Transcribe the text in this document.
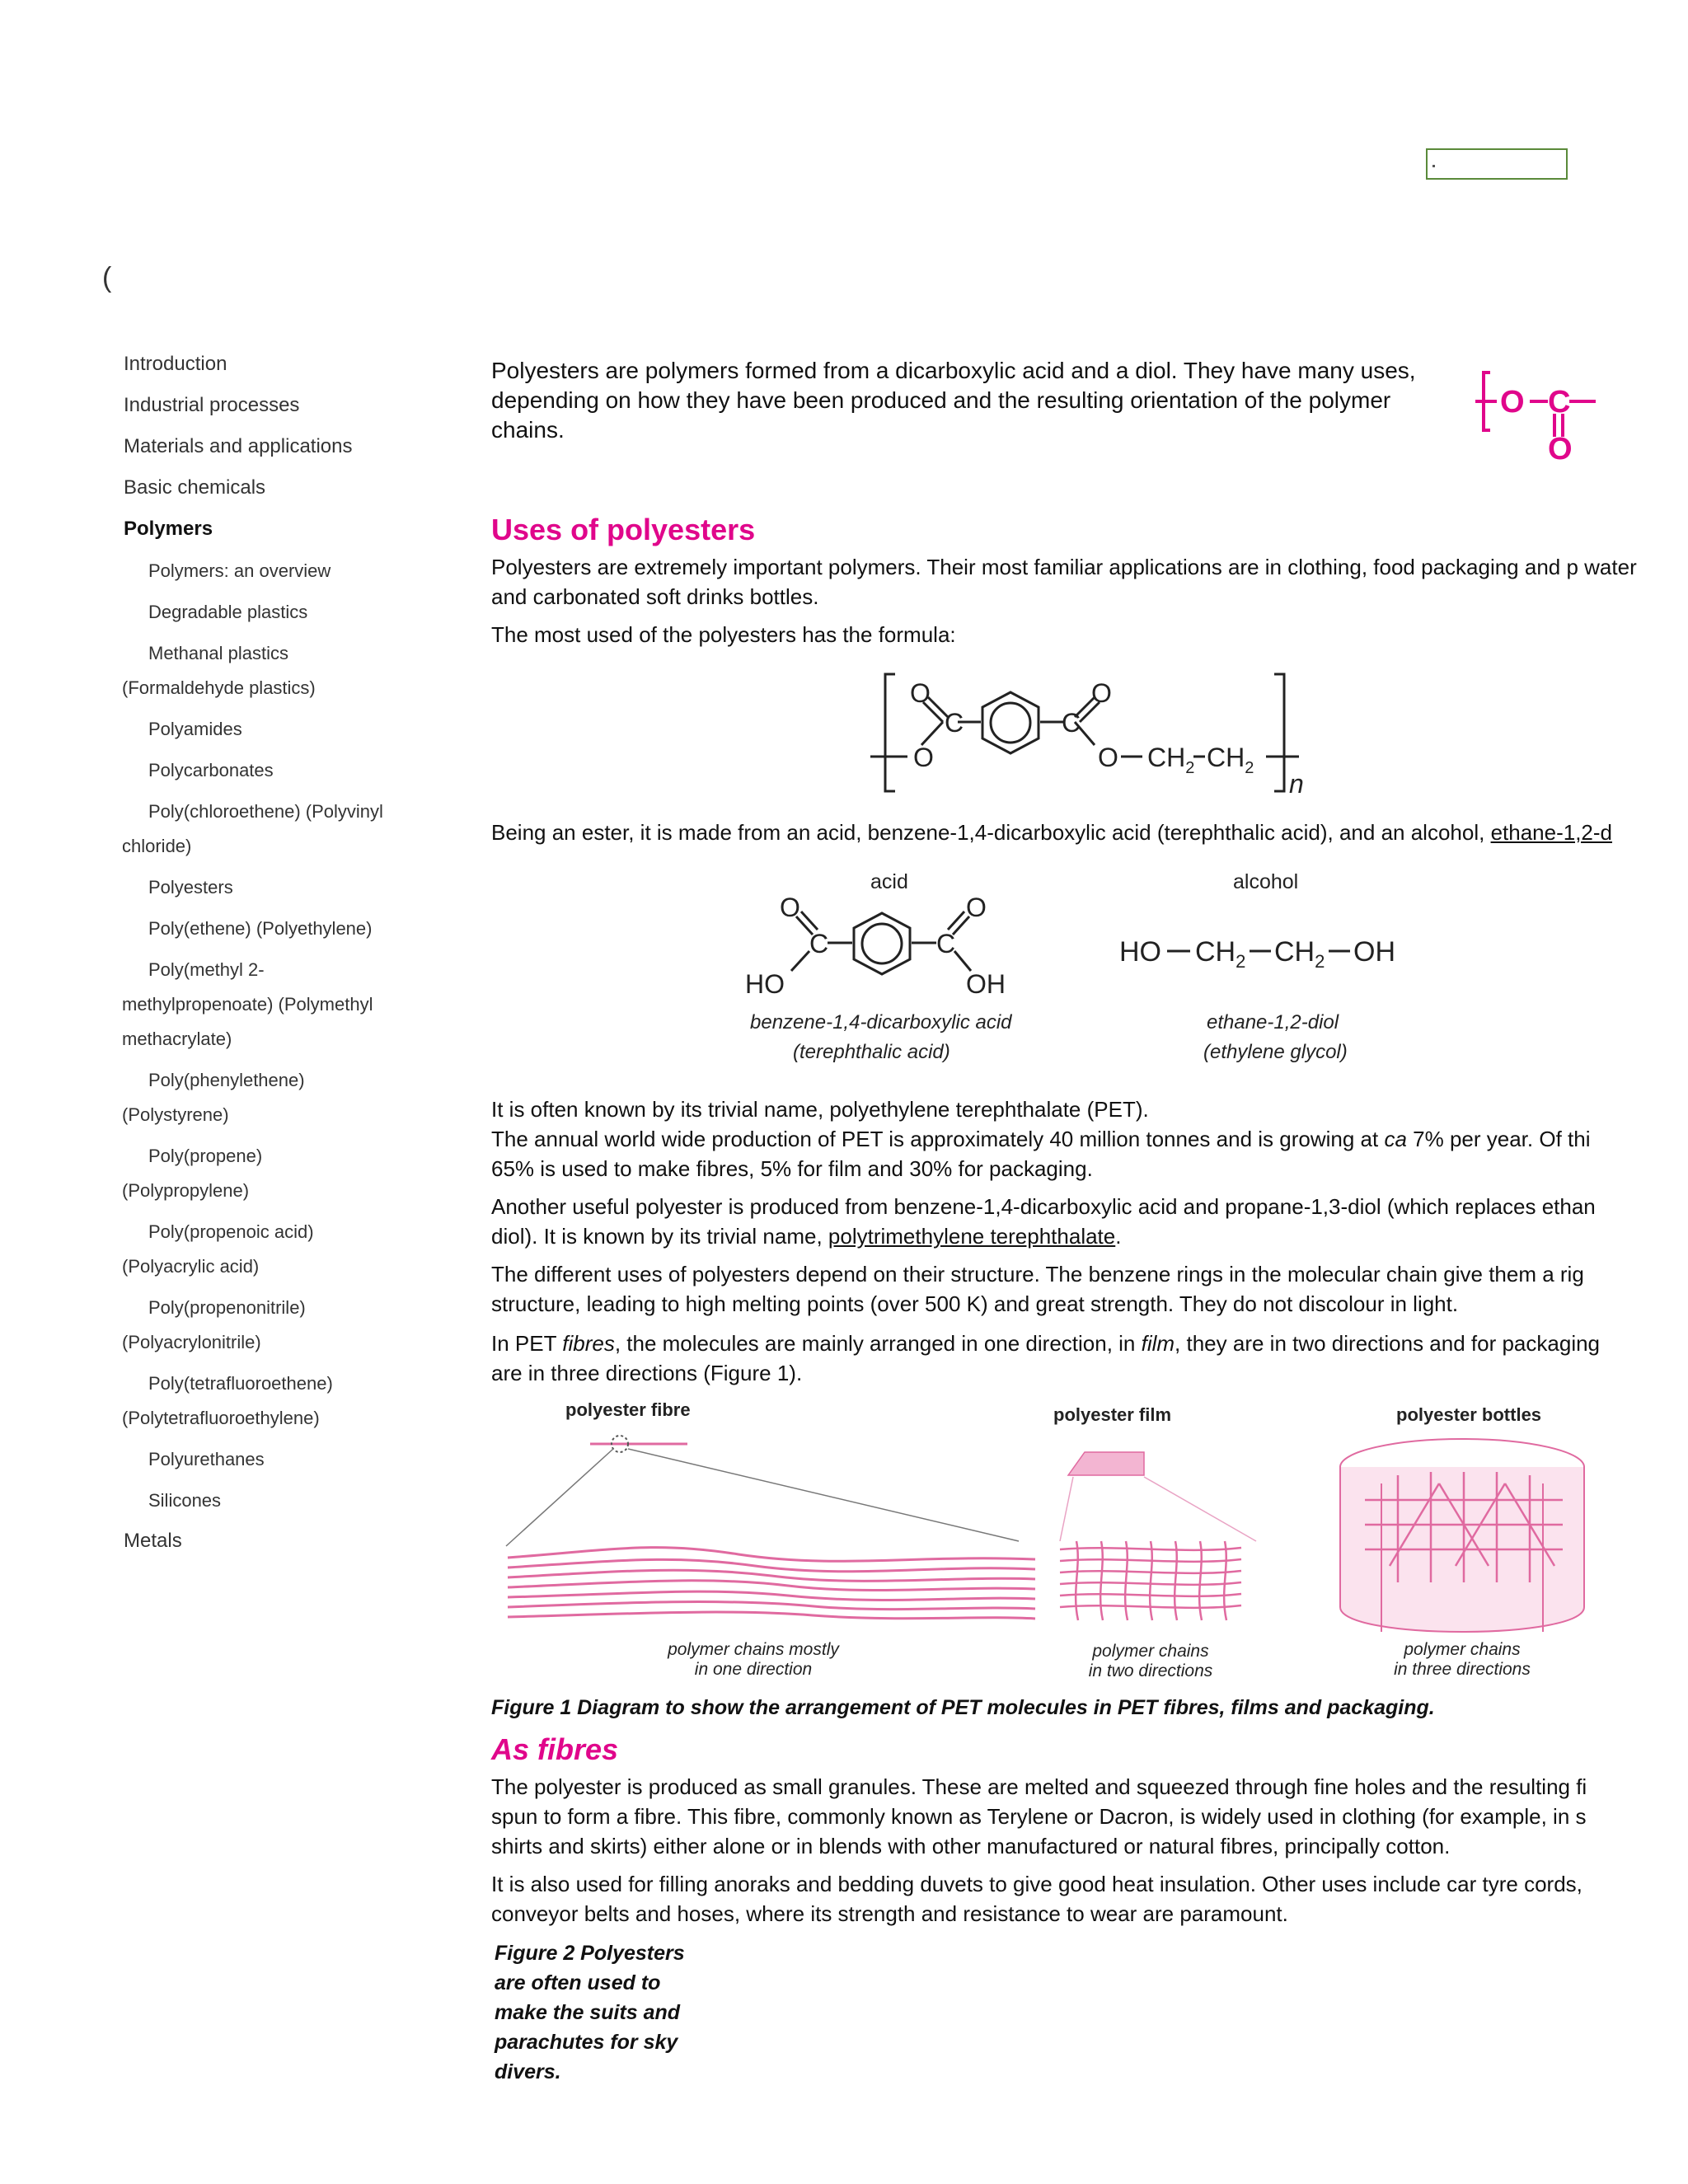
(
Introduction
Industrial processes
Materials and applications
Basic chemicals
Polymers
Polymers: an overview
Degradable plastics
Methanal plastics
(Formaldehyde plastics)
Polyamides
Polycarbonates
Poly(chloroethene) (Polyvinyl
chloride)
Polyesters
Poly(ethene) (Polyethylene)
Poly(methyl 2-
methylpropenoate) (Polymethyl
methacrylate)
Poly(phenylethene)
(Polystyrene)
Poly(propene)
(Polypropylene)
Poly(propenoic acid)
(Polyacrylic acid)
Poly(propenonitrile)
(Polyacrylonitrile)
Poly(tetrafluoroethene)
(Polytetrafluoroethylene)
Polyurethanes
Silicones
Metals

Polyesters are polymers formed from a dicarboxylic acid and a diol. They have many uses, depending on how they have been produced and the resulting orientation of the polymer chains.

O C
O
Uses of polyesters

Polyesters are extremely important polymers. Their most familiar applications are in clothing, food packaging and p water and carbonated soft drinks bottles.

The most used of the polyesters has the formula:

O
O
C	C
O
O $CH_2$ $CH_2$
n

Being an ester, it is made from an acid, benzene-1,4-dicarboxylic acid (terephthalic acid), and an alcohol, ethane-1,2-d

acid
O
C
HO
C
O
OH
benzene-1,4-dicarboxylic acid
(terephthalic acid)
alcohol
HO $CH_2$ $CH_2$ OH
ethane-1,2-diol
(ethylene glycol)

It is often known by its trivial name, polyethylene terephthalate (PET).

The annual world wide production of PET is approximately 40 million tonnes and is growing at ca 7% per year. Of thi 65% is used to make fibres, 5% for film and 30% for packaging.

Another useful polyester is produced from benzene-1,4-dicarboxylic acid and propane-1,3-diol (which replaces ethan diol). It is known by its trivial name, polytrimethylene terephthalate.

The different uses of polyesters depend on their structure. The benzene rings in the molecular chain give them a rig structure, leading to high melting points (over 500 K) and great strength. They do not discolour in light.

In PET fibres, the molecules are mainly arranged in one direction, in film, they are in two directions and for packaging are in three directions (Figure 1).

polyester fibre
polymer chains mostly
in one direction
polyester film
polymer chains
in two directions
polyester bottles
polymer chains
in three directions
Figure 1 Diagram to show the arrangement of PET molecules in PET fibres, films and packaging.
As fibres

The polyester is produced as small granules. These are melted and squeezed through fine holes and the resulting fi spun to form a fibre. This fibre, commonly known as Terylene or Dacron, is widely used in clothing (for example, in s shirts and skirts) either alone or in blends with other manufactured or natural fibres, principally cotton.

It is also used for filling anoraks and bedding duvets to give good heat insulation. Other uses include car tyre cords, conveyor belts and hoses, where its strength and resistance to wear are paramount.

Figure 2 Polyesters
are often used to
make the suits and
parachutes for sky
divers.
